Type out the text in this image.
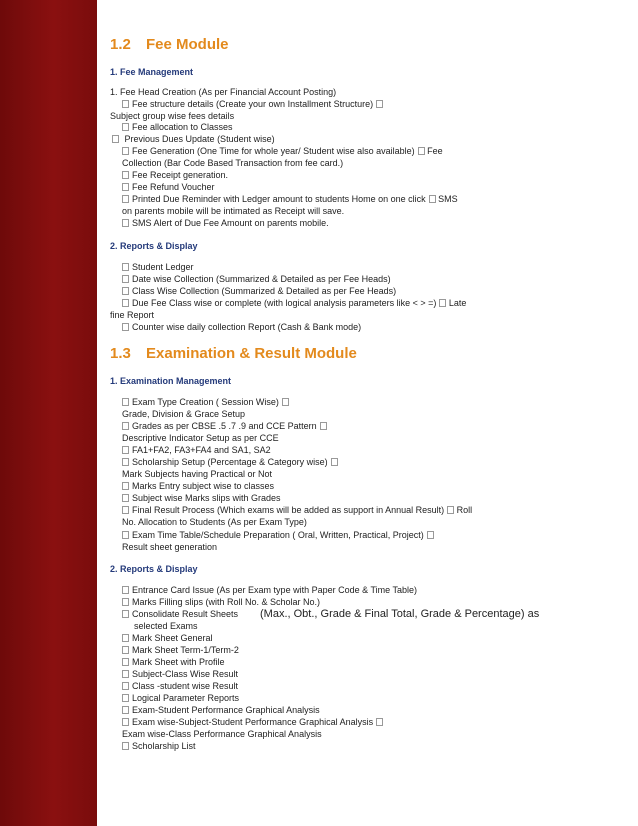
1.2 Fee Module
1. Fee Management
1. Fee Head Creation (As per Financial Account Posting)
Fee structure details (Create your own Installment Structure)
Subject group wise fees details
Fee allocation to Classes
Previous Dues Update (Student wise)
Fee Generation (One Time for whole year/ Student wise also available) Fee
Collection (Bar Code Based Transaction from fee card.)
Fee Receipt generation.
Fee Refund Voucher
Printed Due Reminder with Ledger amount to students Home on one click SMS
on parents mobile will be intimated as Receipt will save.
SMS Alert of Due Fee Amount on parents mobile.
2. Reports & Display
Student Ledger
Date wise Collection (Summarized & Detailed as per Fee Heads)
Class Wise Collection (Summarized & Detailed as per Fee Heads)
Due Fee Class wise or complete (with logical analysis parameters like < > =) Late
fine Report
Counter wise daily collection Report (Cash & Bank mode)
1.3 Examination & Result Module
1. Examination Management
Exam Type Creation ( Session Wise)
Grade, Division & Grace Setup
Grades as per CBSE .5 .7 .9 and CCE Pattern
Descriptive Indicator Setup as per CCE
FA1+FA2, FA3+FA4 and SA1, SA2
Scholarship Setup (Percentage & Category wise)
Mark Subjects having Practical or Not
Marks Entry subject wise to classes
Subject wise Marks slips with Grades
Final Result Process (Which exams will be added as support in Annual Result) Roll
No. Allocation to Students (As per Exam Type)
Exam Time Table/Schedule Preparation ( Oral, Written, Practical, Project)
Result sheet generation
2. Reports & Display
Entrance Card Issue (As per Exam type with Paper Code & Time Table)
Marks Filling slips (with Roll No. & Scholar No.)
Consolidate Result Sheets (Max., Obt., Grade & Final Total, Grade & Percentage) as
selected Exams
Mark Sheet General
Mark Sheet Term-1/Term-2
Mark Sheet with Profile
Subject-Class Wise Result
Class -student wise Result
Logical Parameter Reports
Exam-Student Performance Graphical Analysis
Exam wise-Subject-Student Performance Graphical Analysis
Exam wise-Class Performance Graphical Analysis
Scholarship List
